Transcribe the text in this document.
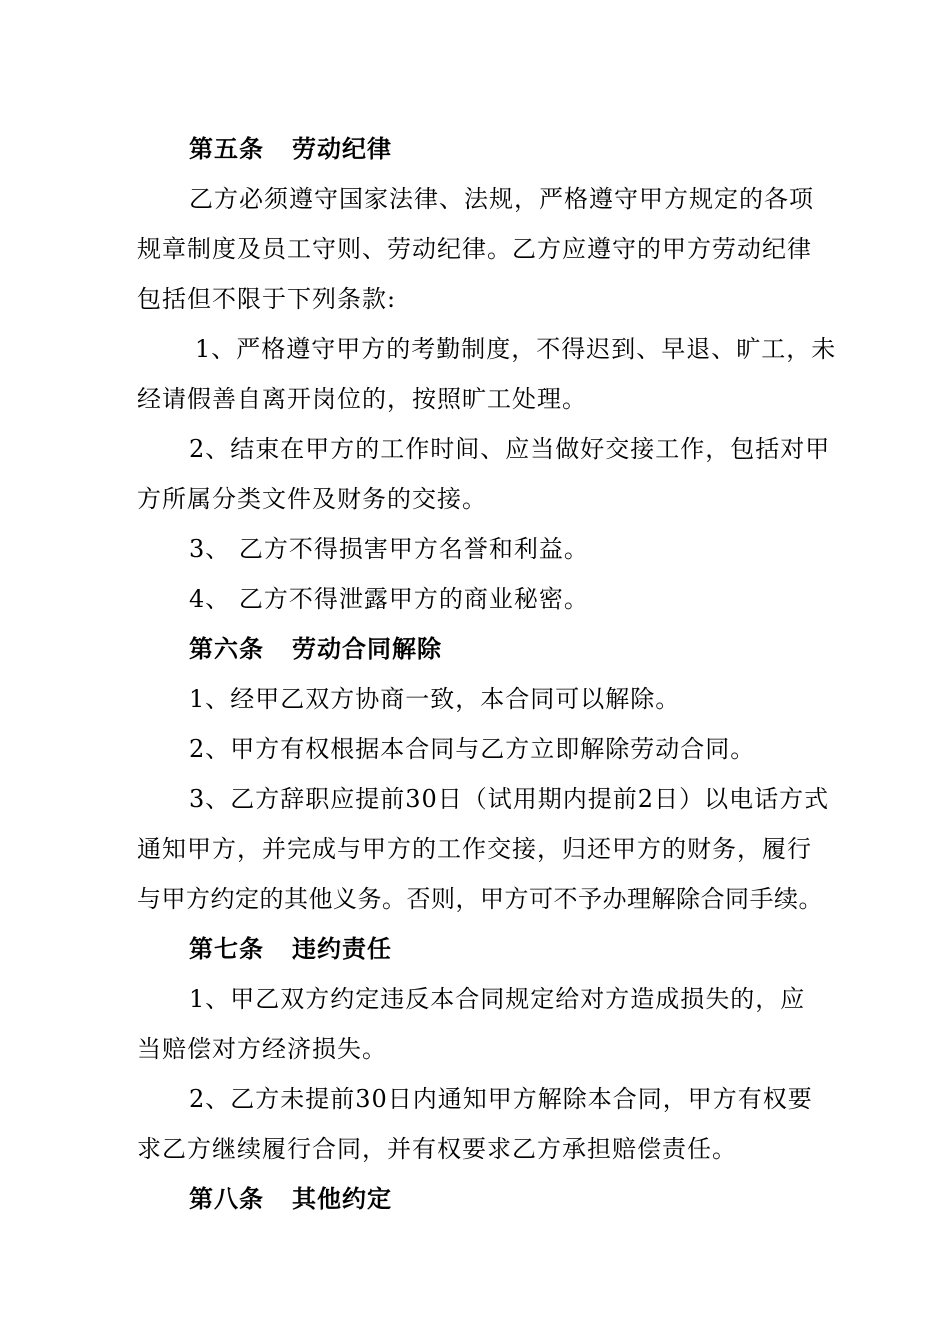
第五条 劳动纪律
乙方必须遵守国家法律、法规，严格遵守甲方规定的各项
规章制度及员工守则、劳动纪律。乙方应遵守的甲方劳动纪律
包括但不限于下列条款:
1、严格遵守甲方的考勤制度，不得迟到、早退、旷工，未
经请假善自离开岗位的，按照旷工处理。
2、结束在甲方的工作时间、应当做好交接工作，包括对甲
方所属分类文件及财务的交接。
3、 乙方不得损害甲方名誉和利益。
4、 乙方不得泄露甲方的商业秘密。
第六条 劳动合同解除
1、经甲乙双方协商一致，本合同可以解除。
2、甲方有权根据本合同与乙方立即解除劳动合同。
3、乙方辞职应提前30日（试用期内提前2日）以电话方式
通知甲方，并完成与甲方的工作交接，归还甲方的财务，履行
与甲方约定的其他义务。否则，甲方可不予办理解除合同手续。
第七条 违约责任
1、甲乙双方约定违反本合同规定给对方造成损失的，应
当赔偿对方经济损失。
2、乙方未提前30日内通知甲方解除本合同，甲方有权要
求乙方继续履行合同，并有权要求乙方承担赔偿责任。
第八条 其他约定
